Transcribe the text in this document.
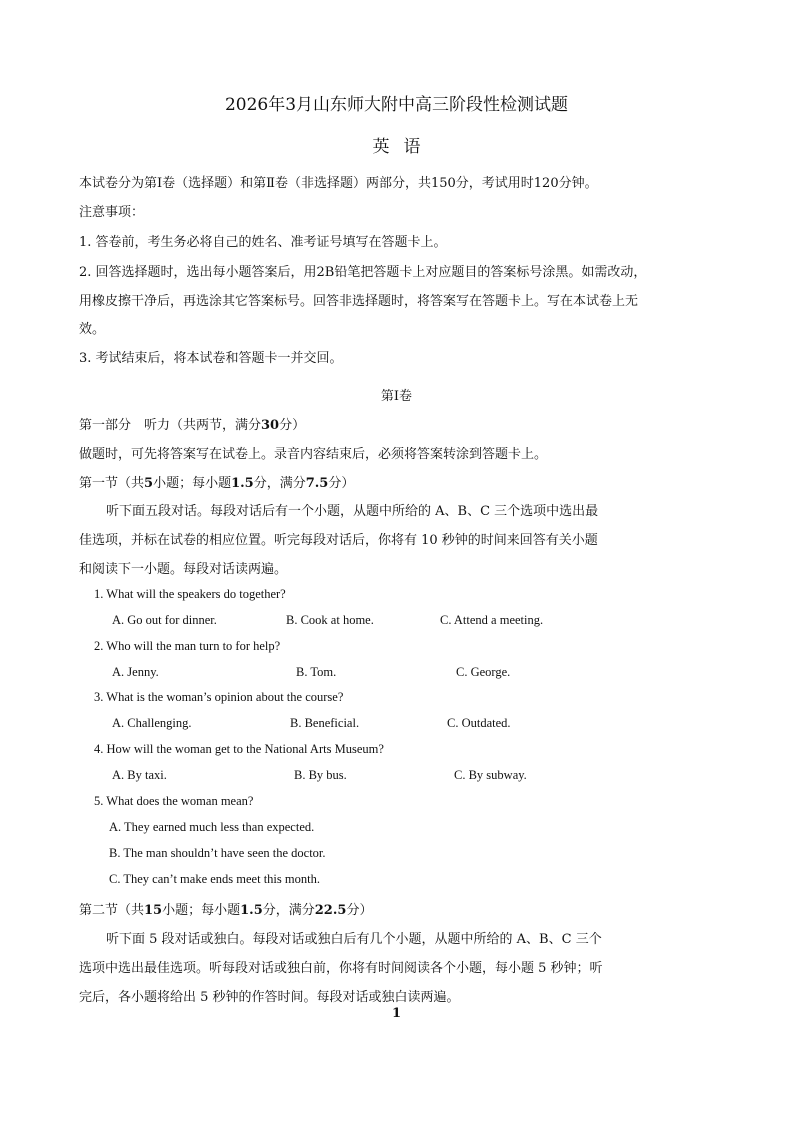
2026年3月山东师大附中高三阶段性检测试题
英语
本试卷分为第Ⅰ卷（选择题）和第Ⅱ卷（非选择题）两部分，共150分，考试用时120分钟。
注意事项：
1. 答卷前，考生务必将自己的姓名、准考证号填写在答题卡上。
2. 回答选择题时，选出每小题答案后，用2B铅笔把答题卡上对应题目的答案标号涂黑。如需改动，
用橡皮擦干净后，再选涂其它答案标号。回答非选择题时，将答案写在答题卡上。写在本试卷上无
效。
3. 考试结束后，将本试卷和答题卡一并交回。
第Ⅰ卷
第一部分　听力（共两节，满分30分）
做题时，可先将答案写在试卷上。录音内容结束后，必须将答案转涂到答题卡上。
第一节（共5小题；每小题1.5分，满分7.5分）
听下面五段对话。每段对话后有一个小题，从题中所给的 A、B、C 三个选项中选出最
佳选项，并标在试卷的相应位置。听完每段对话后，你将有 10 秒钟的时间来回答有关小题
和阅读下一小题。每段对话读两遍。
1. What will the speakers do together?
A. Go out for dinner.	B. Cook at home.	C. Attend a meeting.
2. Who will the man turn to for help?
A. Jenny.	B. Tom.	C. George.
3. What is the woman’s opinion about the course?
A. Challenging.	B. Beneficial.	C. Outdated.
4. How will the woman get to the National Arts Museum?
A. By taxi.	B. By bus.	C. By subway.
5. What does the woman mean?
A. They earned much less than expected.
B. The man shouldn’t have seen the doctor.
C. They can’t make ends meet this month.
第二节（共15小题；每小题1.5分，满分22.5分）
听下面 5 段对话或独白。每段对话或独白后有几个小题，从题中所给的 A、B、C 三个
选项中选出最佳选项。听每段对话或独白前，你将有时间阅读各个小题，每小题 5 秒钟；听
完后，各小题将给出 5 秒钟的作答时间。每段对话或独白读两遍。
1
